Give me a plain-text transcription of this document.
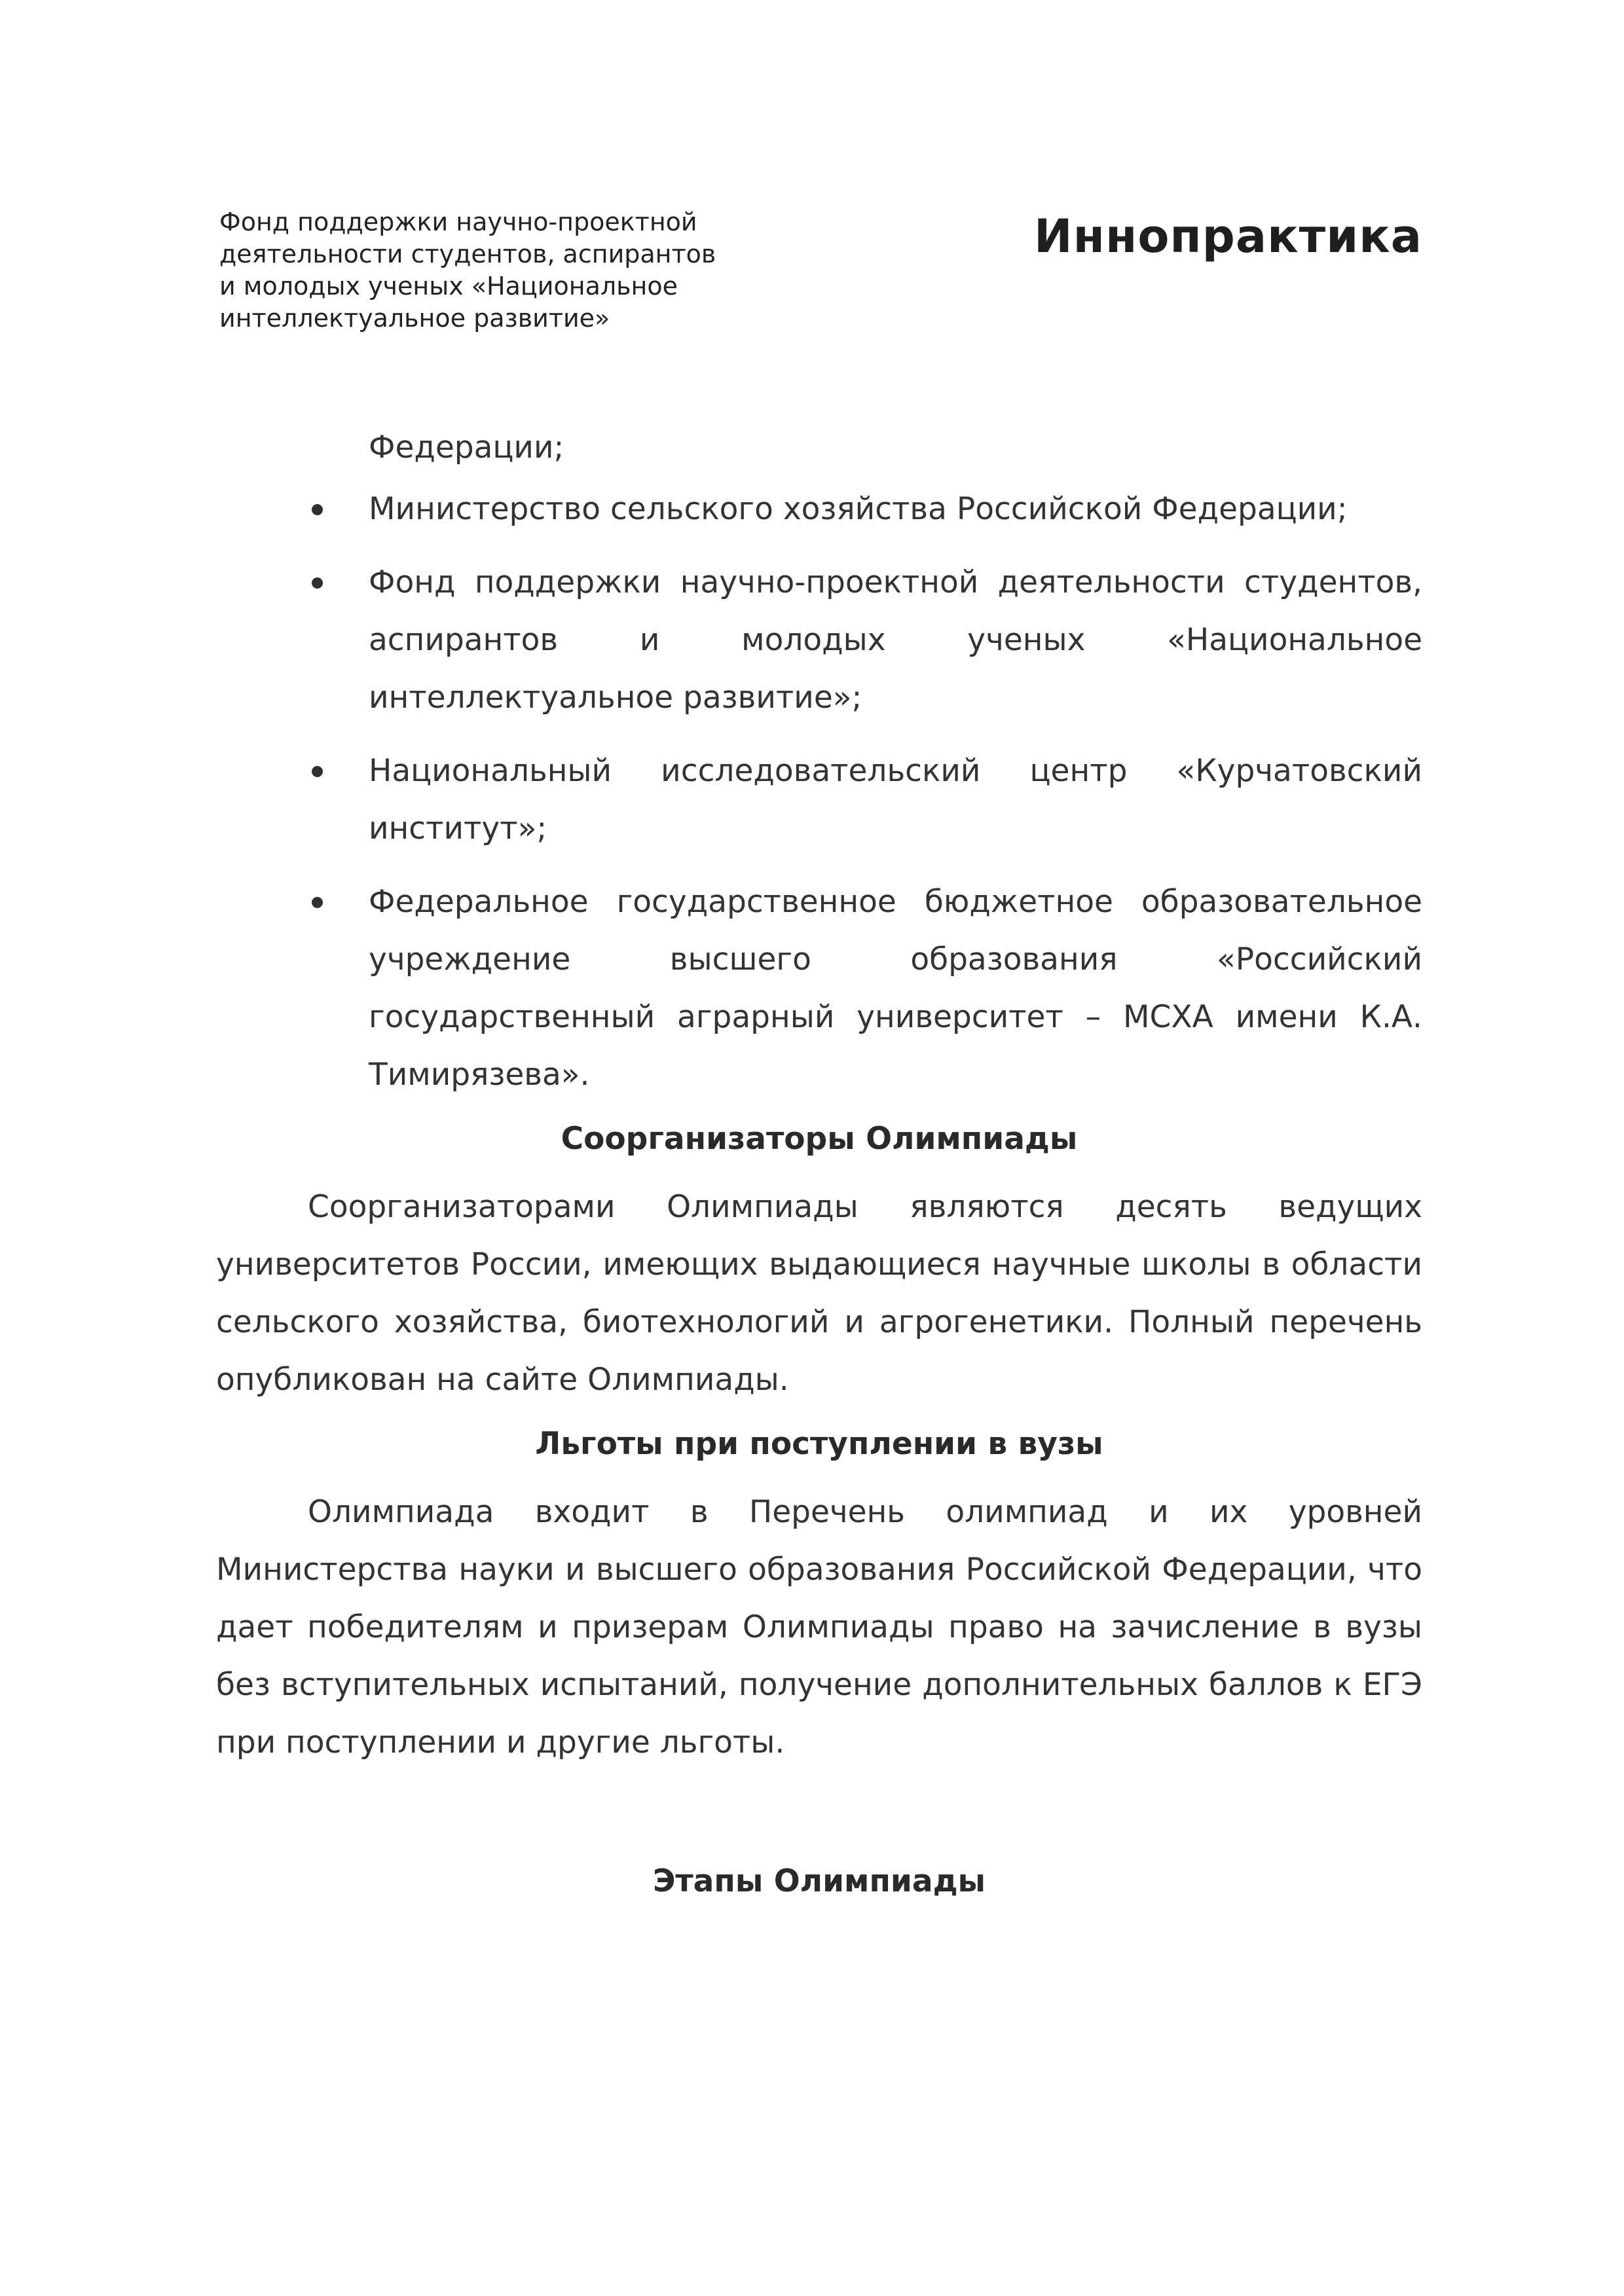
Фонд поддержки научно-проектной
деятельности студентов, аспирантов
и молодых ученых «Национальное
интеллектуальное развитие»
Иннопрактика

Федерации;

Министерство сельского хозяйства Российской Федерации;

Фонд поддержки научно-проектной деятельности студентов, аспирантов и молодых ученых «Национальное интеллектуальное развитие»;

Национальный исследовательский центр «Курчатовский институт»;

Федеральное государственное бюджетное образовательное учреждение высшего образования «Российский государственный аграрный университет – МСХА имени К.А. Тимирязева».

Соорганизаторы Олимпиады

Соорганизаторами Олимпиады являются десять ведущих университетов России, имеющих выдающиеся научные школы в области сельского хозяйства, биотехнологий и агрогенетики. Полный перечень опубликован на сайте Олимпиады.

Льготы при поступлении в вузы

Олимпиада входит в Перечень олимпиад и их уровней Министерства науки и высшего образования Российской Федерации, что дает победителям и призерам Олимпиады право на зачисление в вузы без вступительных испытаний, получение дополнительных баллов к ЕГЭ при поступлении и другие льготы.

Этапы Олимпиады
